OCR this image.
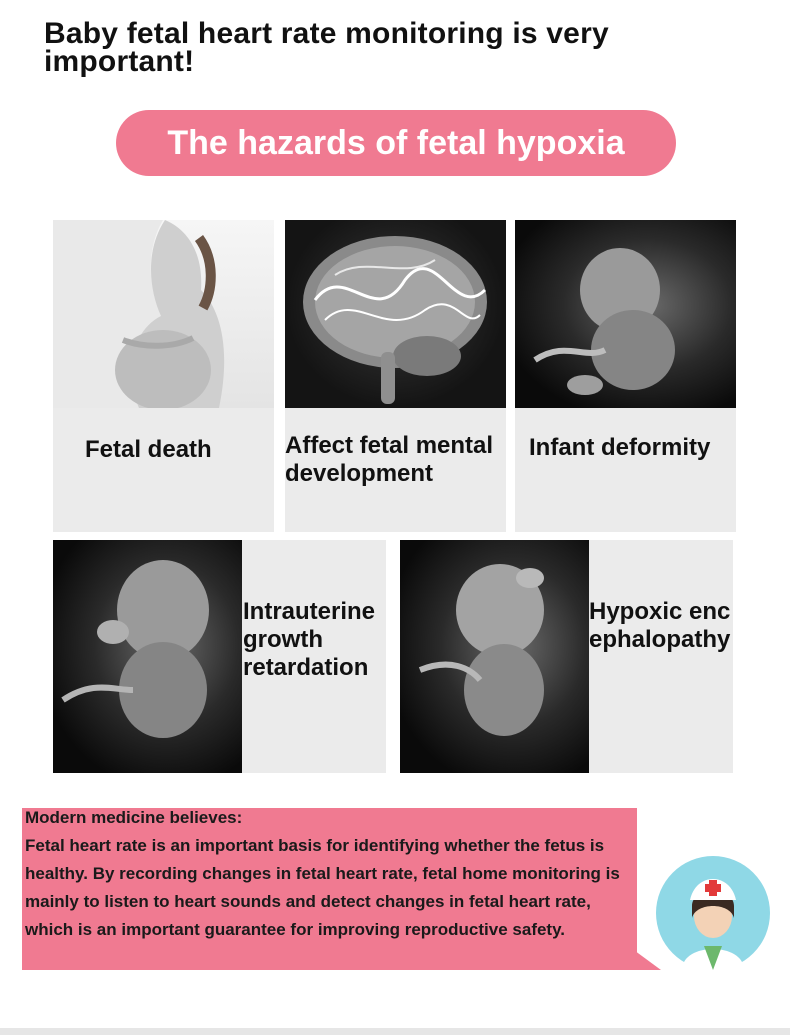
Baby fetal heart rate monitoring is very important!
The hazards of fetal hypoxia
Fetal death	Affect fetal mental development
Infant deformity
Intrauterine growth retardation
Hypoxic encephalopathy

Modern medicine believes:

Fetal heart rate is an important basis for identifying whether the fetus is healthy. By recording changes in fetal heart rate, fetal home monitoring is mainly to listen to heart sounds and detect changes in fetal heart rate, which is an important guarantee for improving reproductive safety.
